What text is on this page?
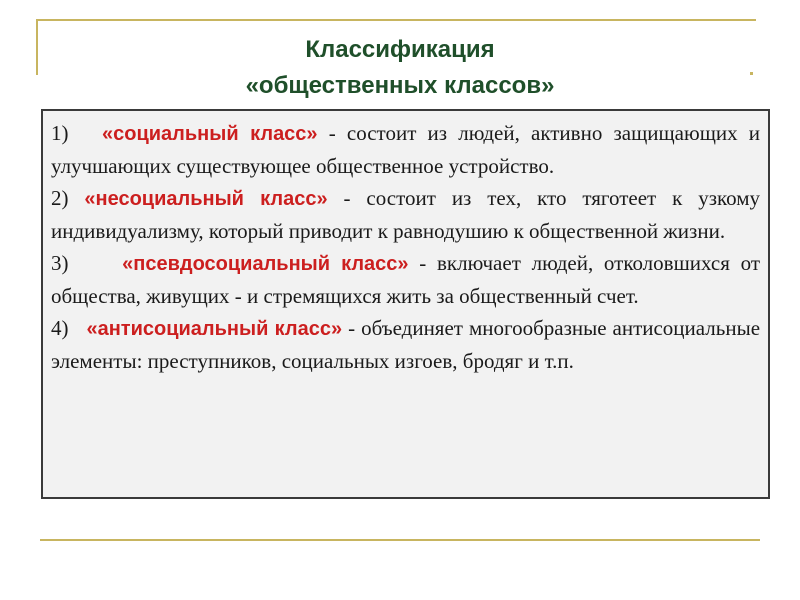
Классификация
«общественных классов»
1) «социальный класс» - состоит из людей, активно защищающих и улучшающих существующее общественное устройство.
2) «несоциальный класс» - состоит из тех, кто тяготеет к узкому индивидуализму, который приводит к равнодушию к общественной жизни.
3)	«псевдосоциальный класс» - включает людей, отколовшихся от общества, живущих - и стремящихся жить за общественный счет.
4) «антисоциальный класс» - объединяет многообразные антисоциальные элементы: преступников, социальных изгоев, бродяг и т.п.
